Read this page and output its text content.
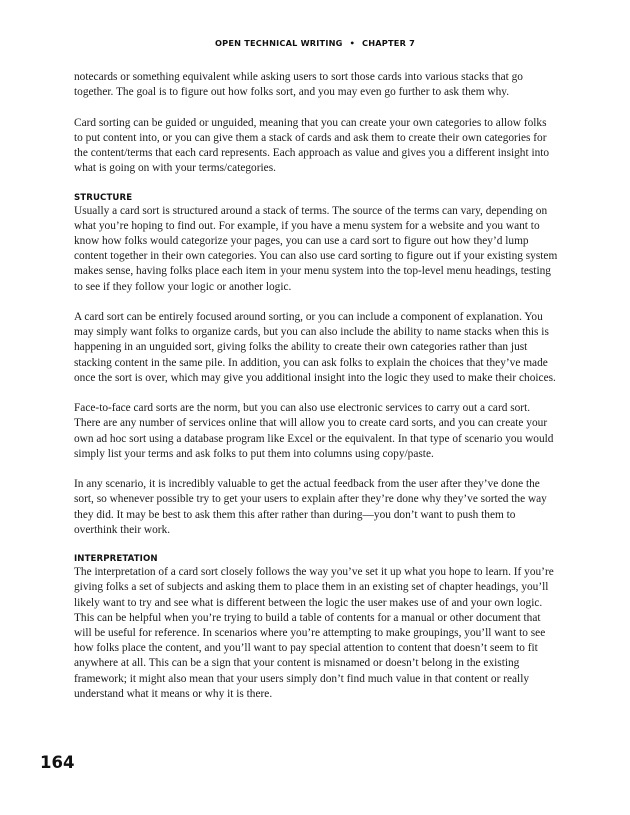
OPEN TECHNICAL WRITING • CHAPTER 7

notecards or something equivalent while asking users to sort those cards into various stacks that go together. The goal is to figure out how folks sort, and you may even go further to ask them why.

Card sorting can be guided or unguided, meaning that you can create your own categories to allow folks to put content into, or you can give them a stack of cards and ask them to create their own categories for the content/terms that each card represents. Each approach as value and gives you a different insight into what is going on with your terms/categories.

STRUCTURE

Usually a card sort is structured around a stack of terms. The source of the terms can vary, depending on what you’re hoping to find out. For example, if you have a menu system for a website and you want to know how folks would categorize your pages, you can use a card sort to figure out how they’d lump content together in their own categories. You can also use card sorting to figure out if your existing system makes sense, having folks place each item in your menu system into the top-level menu headings, testing to see if they follow your logic or another logic.

A card sort can be entirely focused around sorting, or you can include a component of explanation. You may simply want folks to organize cards, but you can also include the ability to name stacks when this is happening in an unguided sort, giving folks the ability to create their own categories rather than just stacking content in the same pile. In addition, you can ask folks to explain the choices that they’ve made once the sort is over, which may give you additional insight into the logic they used to make their choices.

Face-to-face card sorts are the norm, but you can also use electronic services to carry out a card sort. There are any number of services online that will allow you to create card sorts, and you can create your own ad hoc sort using a database program like Excel or the equivalent. In that type of scenario you would simply list your terms and ask folks to put them into columns using copy/paste.

In any scenario, it is incredibly valuable to get the actual feedback from the user after they’ve done the sort, so whenever possible try to get your users to explain after they’re done why they’ve sorted the way they did. It may be best to ask them this after rather than during—you don’t want to push them to overthink their work.

INTERPRETATION

The interpretation of a card sort closely follows the way you’ve set it up what you hope to learn. If you’re giving folks a set of subjects and asking them to place them in an existing set of chapter headings, you’ll likely want to try and see what is different between the logic the user makes use of and your own logic. This can be helpful when you’re trying to build a table of contents for a manual or other document that will be useful for reference. In scenarios where you’re attempting to make groupings, you’ll want to see how folks place the content, and you’ll want to pay special attention to content that doesn’t seem to fit anywhere at all. This can be a sign that your content is misnamed or doesn’t belong in the existing framework; it might also mean that your users simply don’t find much value in that content or really understand what it means or why it is there.

164
